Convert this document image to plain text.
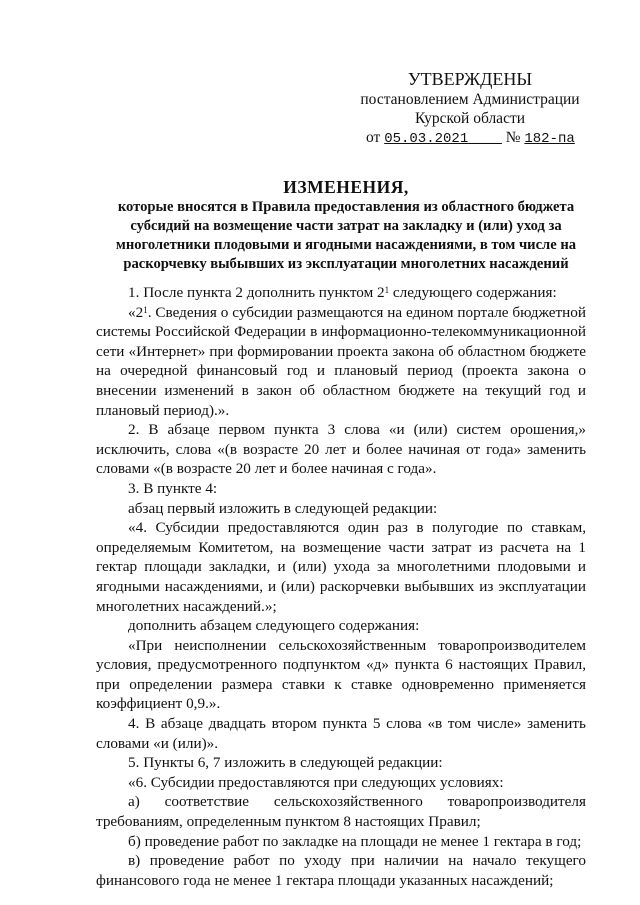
УТВЕРЖДЕНЫ
постановлением Администрации
Курской области
от 05.03.2021____ № 182-па
ИЗМЕНЕНИЯ,
которые вносятся в Правила предоставления из областного бюджета субсидий на возмещение части затрат на закладку и (или) уход за многолетники плодовыми и ягодными насаждениями, в том числе на раскорчевку выбывших из эксплуатации многолетних насаждений

1. После пункта 2 дополнить пунктом $2^1$ следующего содержания:

«$2^1$. Сведения о субсидии размещаются на едином портале бюджетной системы Российской Федерации в информационно-телекоммуникационной сети «Интернет» при формировании проекта закона об областном бюджете на очередной финансовый год и плановый период (проекта закона о внесении изменений в закон об областном бюджете на текущий год и плановый период).».

2. В абзаце первом пункта 3 слова «и (или) систем орошения,» исключить, слова «(в возрасте 20 лет и более начиная от года» заменить словами «(в возрасте 20 лет и более начиная с года».

3. В пункте 4:

абзац первый изложить в следующей редакции:

«4. Субсидии предоставляются один раз в полугодие по ставкам, определяемым Комитетом, на возмещение части затрат из расчета на 1 гектар площади закладки, и (или) ухода за многолетними плодовыми и ягодными насаждениями, и (или) раскорчевки выбывших из эксплуатации многолетних насаждений.»;

дополнить абзацем следующего содержания:

«При неисполнении сельскохозяйственным товаропроизводителем условия, предусмотренного подпунктом «д» пункта 6 настоящих Правил, при определении размера ставки к ставке одновременно применяется коэффициент 0,9.».

4. В абзаце двадцать втором пункта 5 слова «в том числе» заменить словами «и (или)».

5. Пункты 6, 7 изложить в следующей редакции:

«6. Субсидии предоставляются при следующих условиях:

а) соответствие сельскохозяйственного товаропроизводителя требованиям, определенным пунктом 8 настоящих Правил;

б) проведение работ по закладке на площади не менее 1 гектара в год;

в) проведение работ по уходу при наличии на начало текущего финансового года не менее 1 гектара площади указанных насаждений;
